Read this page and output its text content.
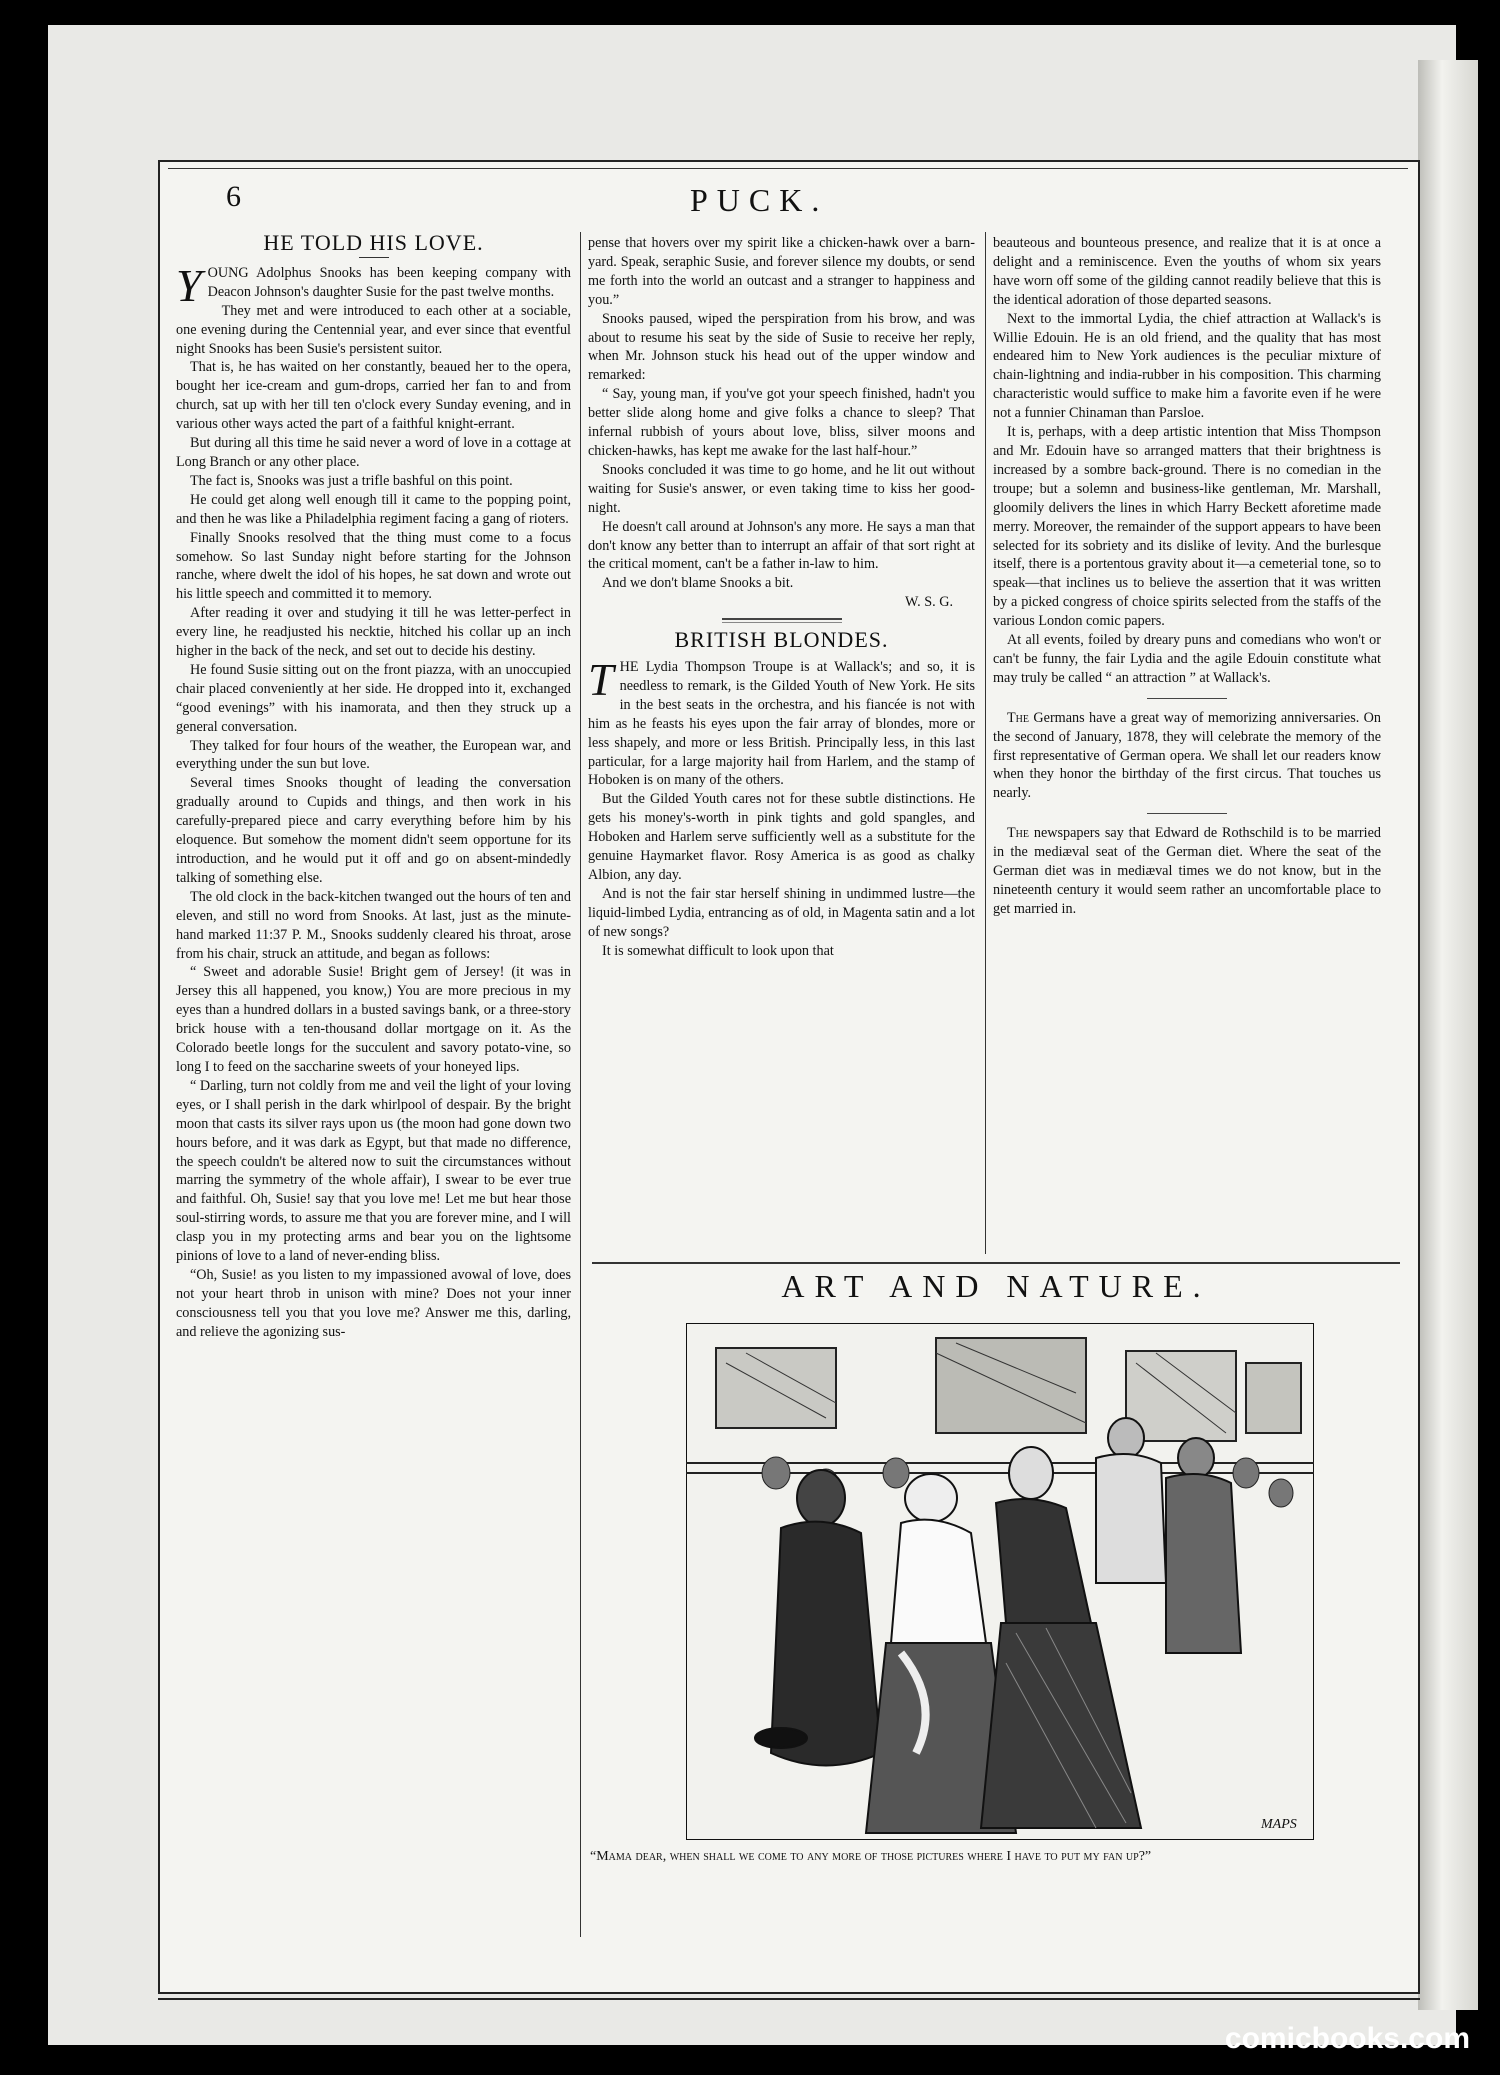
6	PUCK.
HE TOLD HIS LOVE.

YOUNG Adolphus Snooks has been keeping company with Deacon Johnson's daughter Susie for the past twelve months.

They met and were introduced to each other at a sociable, one evening during the Centennial year, and ever since that eventful night Snooks has been Susie's persistent suitor.

That is, he has waited on her constantly, beaued her to the opera, bought her ice-cream and gum-drops, carried her fan to and from church, sat up with her till ten o'clock every Sunday evening, and in various other ways acted the part of a faithful knight-errant.

But during all this time he said never a word of love in a cottage at Long Branch or any other place.

The fact is, Snooks was just a trifle bashful on this point.

He could get along well enough till it came to the popping point, and then he was like a Philadelphia regiment facing a gang of rioters.

Finally Snooks resolved that the thing must come to a focus somehow. So last Sunday night before starting for the Johnson ranche, where dwelt the idol of his hopes, he sat down and wrote out his little speech and committed it to memory.

After reading it over and studying it till he was letter-perfect in every line, he readjusted his necktie, hitched his collar up an inch higher in the back of the neck, and set out to decide his destiny.

He found Susie sitting out on the front piazza, with an unoccupied chair placed conveniently at her side. He dropped into it, exchanged “good evenings” with his inamorata, and then they struck up a general conversation.

They talked for four hours of the weather, the European war, and everything under the sun but love.

Several times Snooks thought of leading the conversation gradually around to Cupids and things, and then work in his carefully-prepared piece and carry everything before him by his eloquence. But somehow the moment didn't seem opportune for its introduction, and he would put it off and go on absent-mindedly talking of something else.

The old clock in the back-kitchen twanged out the hours of ten and eleven, and still no word from Snooks. At last, just as the minute-hand marked 11:37 P. M., Snooks suddenly cleared his throat, arose from his chair, struck an attitude, and began as follows:

“ Sweet and adorable Susie! Bright gem of Jersey! (it was in Jersey this all happened, you know,) You are more precious in my eyes than a hundred dollars in a busted savings bank, or a three-story brick house with a ten-thousand dollar mortgage on it. As the Colorado beetle longs for the succulent and savory potato-vine, so long I to feed on the saccharine sweets of your honeyed lips.

“ Darling, turn not coldly from me and veil the light of your loving eyes, or I shall perish in the dark whirlpool of despair. By the bright moon that casts its silver rays upon us (the moon had gone down two hours before, and it was dark as Egypt, but that made no difference, the speech couldn't be altered now to suit the circumstances without marring the symmetry of the whole affair), I swear to be ever true and faithful. Oh, Susie! say that you love me! Let me but hear those soul-stirring words, to assure me that you are forever mine, and I will clasp you in my protecting arms and bear you on the lightsome pinions of love to a land of never-ending bliss.

“Oh, Susie! as you listen to my impassioned avowal of love, does not your heart throb in unison with mine? Does not your inner consciousness tell you that you love me? Answer me this, darling, and relieve the agonizing sus-

pense that hovers over my spirit like a chicken-hawk over a barn-yard. Speak, seraphic Susie, and forever silence my doubts, or send me forth into the world an outcast and a stranger to happiness and you.”

Snooks paused, wiped the perspiration from his brow, and was about to resume his seat by the side of Susie to receive her reply, when Mr. Johnson stuck his head out of the upper window and remarked:

“ Say, young man, if you've got your speech finished, hadn't you better slide along home and give folks a chance to sleep? That infernal rubbish of yours about love, bliss, silver moons and chicken-hawks, has kept me awake for the last half-hour.”

Snooks concluded it was time to go home, and he lit out without waiting for Susie's answer, or even taking time to kiss her good-night.

He doesn't call around at Johnson's any more. He says a man that don't know any better than to interrupt an affair of that sort right at the critical moment, can't be a father in-law to him.

And we don't blame Snooks a bit.

W. S. G.

BRITISH BLONDES.

THE Lydia Thompson Troupe is at Wallack's; and so, it is needless to remark, is the Gilded Youth of New York. He sits in the best seats in the orchestra, and his fiancée is not with him as he feasts his eyes upon the fair array of blondes, more or less shapely, and more or less British. Principally less, in this last particular, for a large majority hail from Harlem, and the stamp of Hoboken is on many of the others.

But the Gilded Youth cares not for these subtle distinctions. He gets his money's-worth in pink tights and gold spangles, and Hoboken and Harlem serve sufficiently well as a substitute for the genuine Haymarket flavor. Rosy America is as good as chalky Albion, any day.

And is not the fair star herself shining in undimmed lustre—the liquid-limbed Lydia, entrancing as of old, in Magenta satin and a lot of new songs?

It is somewhat difficult to look upon that

beauteous and bounteous presence, and realize that it is at once a delight and a reminiscence. Even the youths of whom six years have worn off some of the gilding cannot readily believe that this is the identical adoration of those departed seasons.

Next to the immortal Lydia, the chief attraction at Wallack's is Willie Edouin. He is an old friend, and the quality that has most endeared him to New York audiences is the peculiar mixture of chain-lightning and india-rubber in his composition. This charming characteristic would suffice to make him a favorite even if he were not a funnier Chinaman than Parsloe.

It is, perhaps, with a deep artistic intention that Miss Thompson and Mr. Edouin have so arranged matters that their brightness is increased by a sombre back-ground. There is no comedian in the troupe; but a solemn and business-like gentleman, Mr. Marshall, gloomily delivers the lines in which Harry Beckett aforetime made merry. Moreover, the remainder of the support appears to have been selected for its sobriety and its dislike of levity. And the burlesque itself, there is a portentous gravity about it—a cemeterial tone, so to speak—that inclines us to believe the assertion that it was written by a picked congress of choice spirits selected from the staffs of the various London comic papers.

At all events, foiled by dreary puns and comedians who won't or can't be funny, the fair Lydia and the agile Edouin constitute what may truly be called “ an attraction ” at Wallack's.

The Germans have a great way of memorizing anniversaries. On the second of January, 1878, they will celebrate the memory of the first representative of German opera. We shall let our readers know when they honor the birthday of the first circus. That touches us nearly.

The newspapers say that Edward de Rothschild is to be married in the mediæval seat of the German diet. Where the seat of the German diet was in mediæval times we do not know, but in the nineteenth century it would seem rather an uncomfortable place to get married in.

ART AND NATURE.
MAPS
“Mama dear, when shall we come to any more of those pictures where I have to put my fan up?”
comicbooks.com
